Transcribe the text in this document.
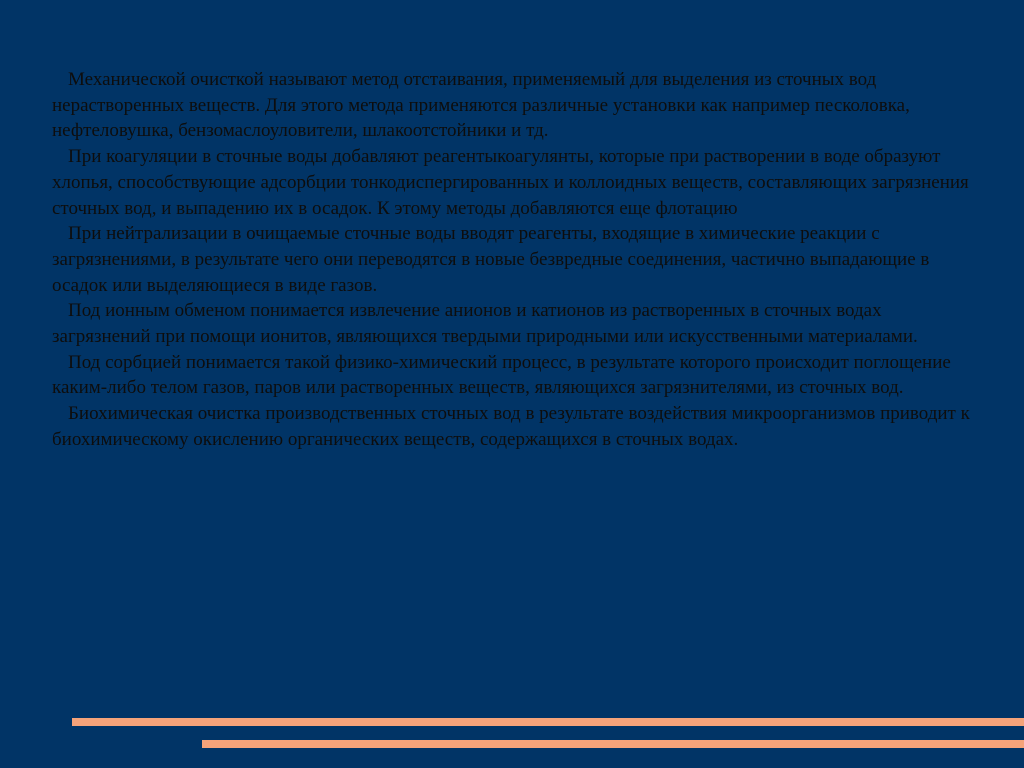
Механической очисткой называют метод отстаивания, применяемый для выделения из сточных вод нерастворенных веществ. Для этого метода применяются различные установки как например песколовка, нефтеловушка, бензомаслоуловители, шлакоотстойники и тд.

При коагуляции в сточные воды добавляют реагентыкоагулянты, которые при растворении в воде образуют хлопья, способствующие адсорбции тонкодиспергированных и коллоидных веществ, составляющих загрязнения сточных вод, и выпадению их в осадок. К этому методы добавляются еще флотацию

При нейтрализации в очищаемые сточные воды вводят реагенты, входящие в химические реакции с загрязнениями, в результате чего они переводятся в новые безвредные соединения, частично выпадающие в осадок или выделяющиеся в виде газов.

Под ионным обменом понимается извлечение анионов и катионов из растворенных в сточных водах загрязнений при помощи ионитов, являющихся твердыми природными или искусственными материалами.

Под сорбцией понимается такой физико-химический процесс, в результате которого происходит поглощение каким-либо телом газов, паров или растворенных веществ, являющихся загрязнителями, из сточных вод.

Биохимическая очистка производственных сточных вод в результате воздействия микроорганизмов приводит к биохимическому окислению органических веществ, содержащихся в сточных водах.
